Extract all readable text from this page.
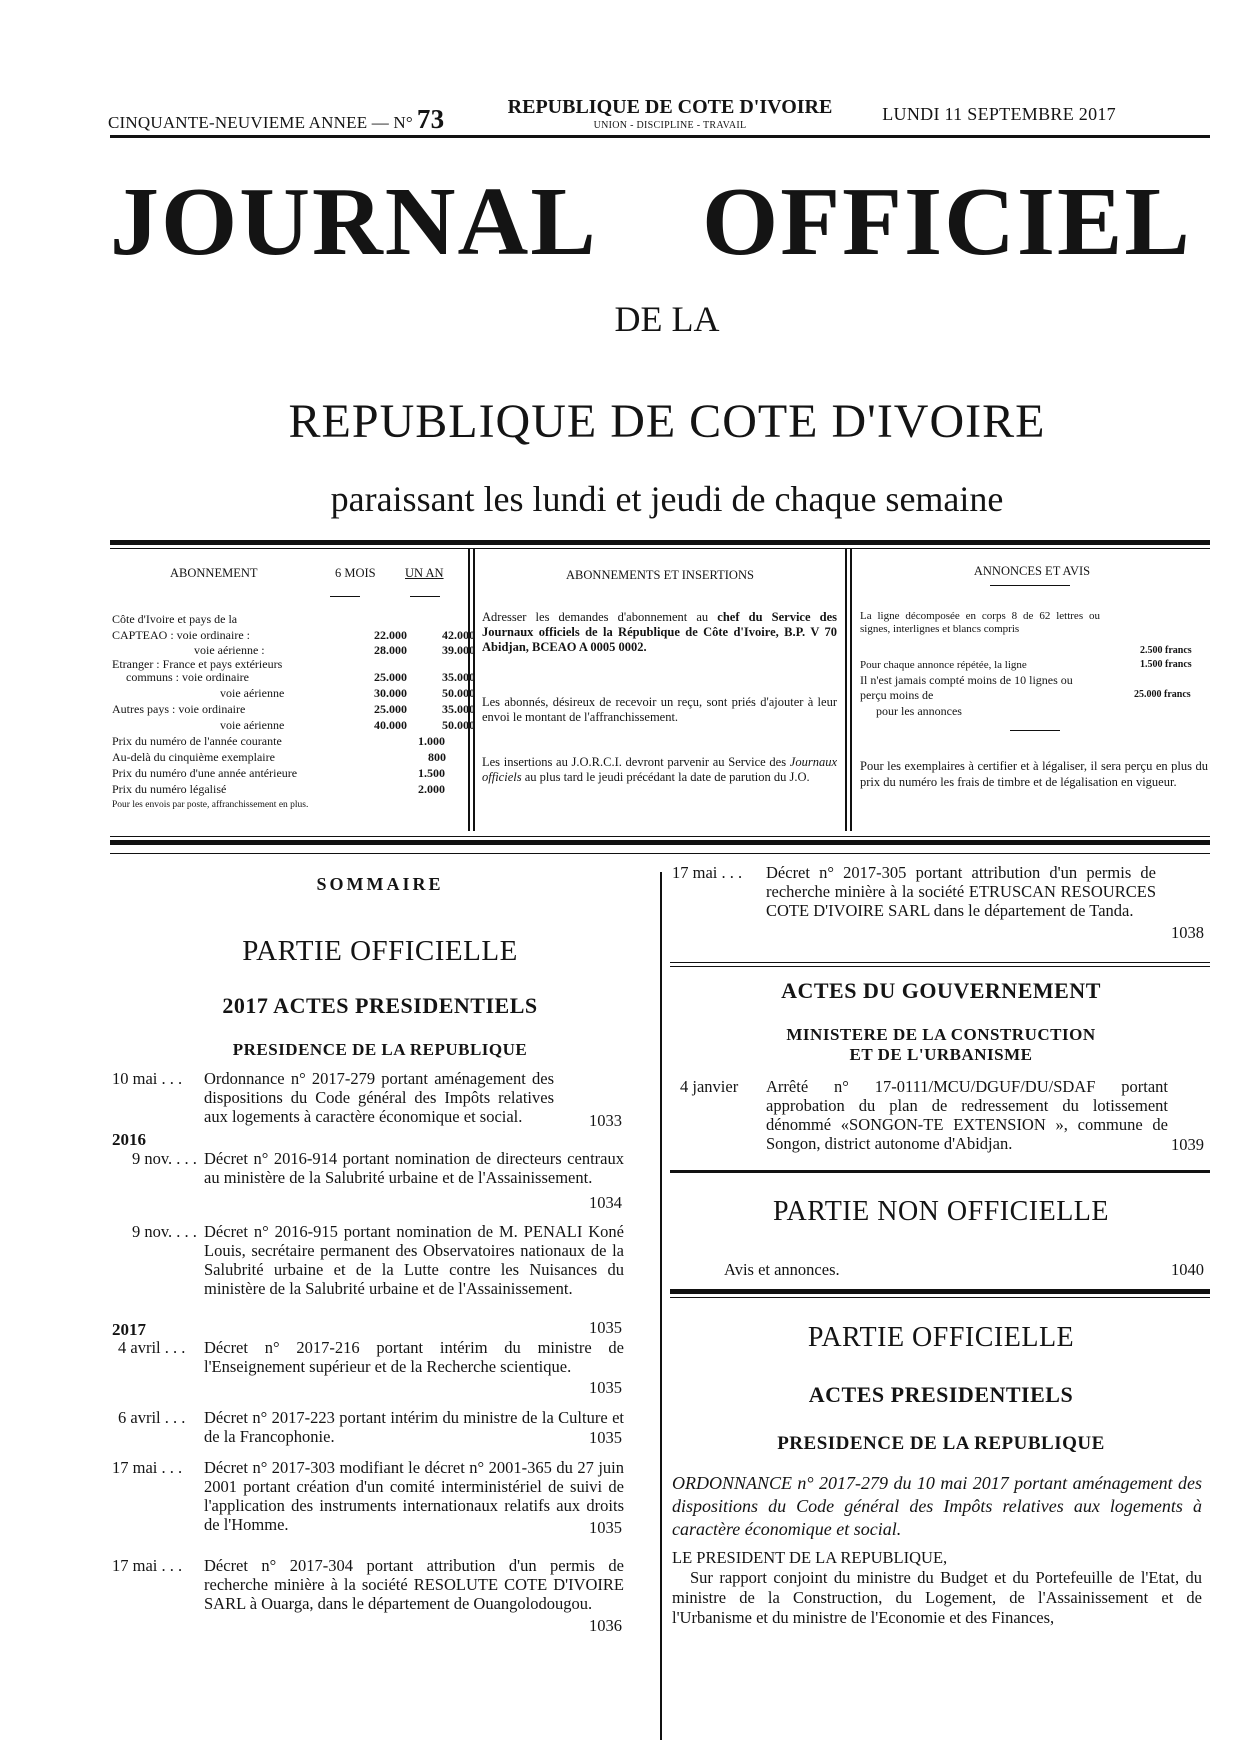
CINQUANTE-NEUVIEME ANNEE — N° 73	REPUBLIQUE DE COTE D'IVOIRE
UNION - DISCIPLINE - TRAVAIL
LUNDI 11 SEPTEMBRE 2017
JOURNAL OFFICIEL
DE LA
REPUBLIQUE DE COTE D'IVOIRE
paraissant les lundi et jeudi de chaque semaine
ABONNEMENT	6 MOIS UN AN
Côte d'Ivoire et pays de la
CAPTEAO : voie ordinaire :	22.000	42.000
voie aérienne :	28.000	39.000
Etranger : France et pays extérieurs
communs : voie ordinaire	25.000	35.000
voie aérienne	30.000	50.000
Autres pays : voie ordinaire	25.000	35.000
voie aérienne	40.000	50.000
Prix du numéro de l'année courante	1.000
Au-delà du cinquième exemplaire	800
Prix du numéro d'une année antérieure	1.500
Prix du numéro légalisé	2.000
Pour les envois par poste, affranchissement en plus.
ABONNEMENTS ET INSERTIONS
Adresser les demandes d'abonnement au chef du Service des Journaux officiels de la République de Côte d'Ivoire, B.P. V 70 Abidjan, BCEAO A 0005 0002.
Les abonnés, désireux de recevoir un reçu, sont priés d'ajouter à leur envoi le montant de l'affranchissement.
Les insertions au J.O.R.C.I. devront parvenir au Service des Journaux officiels au plus tard le jeudi précédant la date de parution du J.O.
ANNONCES ET AVIS
La ligne décomposée en corps 8 de 62 lettres ou signes, interlignes et blancs compris
2.500 francs
Pour chaque annonce répétée, la ligne	1.500 francs
Il n'est jamais compté moins de 10 lignes ou perçu moins de	25.000 francs
pour les annonces
Pour les exemplaires à certifier et à légaliser, il sera perçu en plus du prix du numéro les frais de timbre et de légalisation en vigueur.
SOMMAIRE
PARTIE OFFICIELLE
2017 ACTES PRESIDENTIELS
PRESIDENCE DE LA REPUBLIQUE
10 mai . . . Ordonnance n° 2017-279 portant aménagement des dispositions du Code général des Impôts relatives aux logements à caractère économique et social.	1033
2016
9 nov. . . . Décret n° 2016-914 portant nomination de directeurs centraux au ministère de la Salubrité urbaine et de l'Assainissement.
1034
9 nov. . . . Décret n° 2016-915 portant nomination de M. PENALI Koné Louis, secrétaire permanent des Observatoires nationaux de la Salubrité urbaine et de la Lutte contre les Nuisances du ministère de la Salubrité urbaine et de l'Assainissement.
1035
2017
4 avril . . . Décret n° 2017-216 portant intérim du ministre de l'Enseignement supérieur et de la Recherche scientique.
1035
6 avril . . . Décret n° 2017-223 portant intérim du ministre de la Culture et de la Francophonie.	1035
17 mai . . . Décret n° 2017-303 modifiant le décret n° 2001-365 du 27 juin 2001 portant création d'un comité interministériel de suivi de l'application des instruments internationaux relatifs aux droits de l'Homme.	1035
17 mai . . . Décret n° 2017-304 portant attribution d'un permis de recherche minière à la société RESOLUTE COTE D'IVOIRE SARL à Ouarga, dans le département de Ouangolodougou.
1036
17 mai . . . Décret n° 2017-305 portant attribution d'un permis de recherche minière à la société ETRUSCAN RESOURCES COTE D'IVOIRE SARL dans le département de Tanda.
1038
ACTES DU GOUVERNEMENT
MINISTERE DE LA CONSTRUCTION
ET DE L'URBANISME
4 janvier Arrêté n° 17-0111/MCU/DGUF/DU/SDAF portant approbation du plan de redressement du lotissement dénommé «SONGON-TE EXTENSION », commune de Songon, district autonome d'Abidjan.	1039
PARTIE NON OFFICIELLE
Avis et annonces.	1040
PARTIE OFFICIELLE
ACTES PRESIDENTIELS
PRESIDENCE DE LA REPUBLIQUE
ORDONNANCE n° 2017-279 du 10 mai 2017 portant aménagement des dispositions du Code général des Impôts relatives aux logements à caractère économique et social.
LE PRESIDENT DE LA REPUBLIQUE,
Sur rapport conjoint du ministre du Budget et du Portefeuille de l'Etat, du ministre de la Construction, du Logement, de l'Assainissement et de l'Urbanisme et du ministre de l'Economie et des Finances,
